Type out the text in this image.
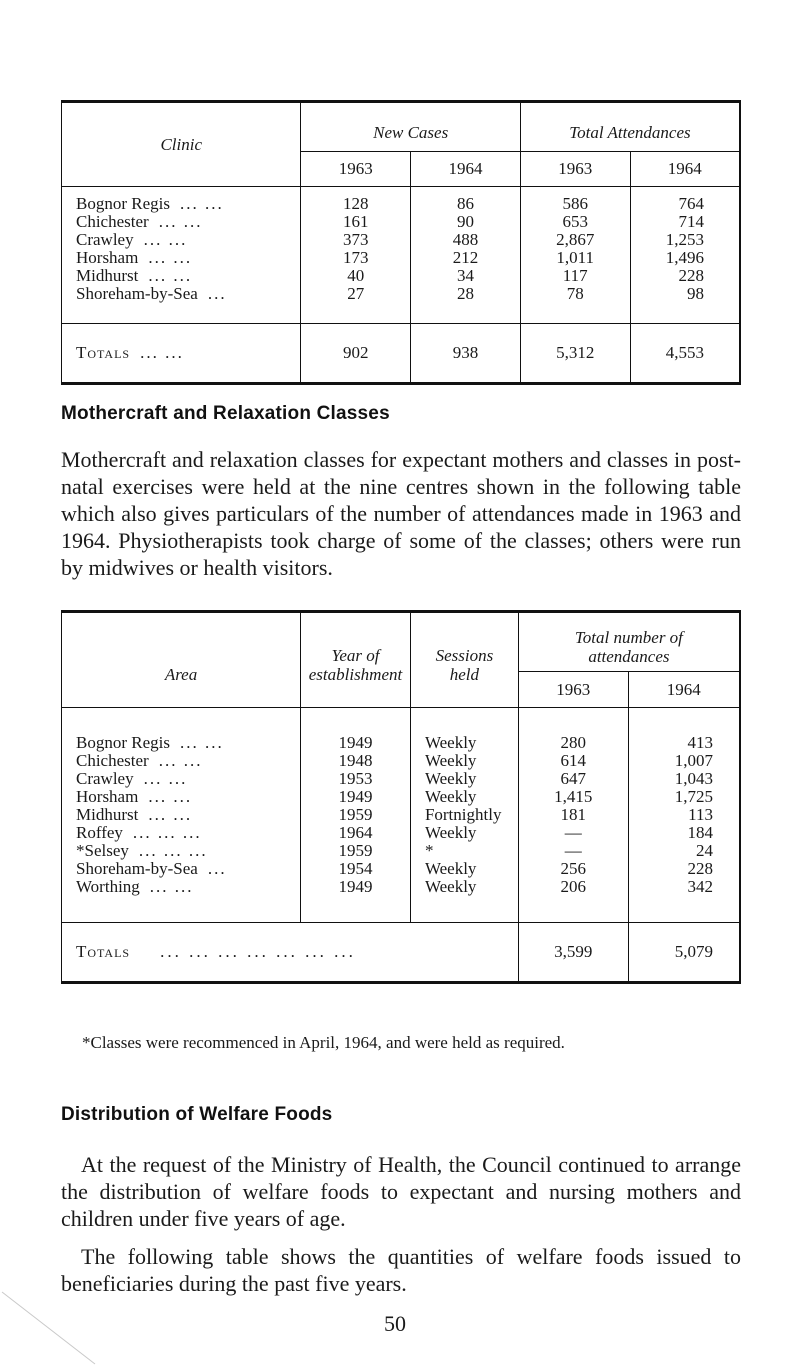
Clinic	New Cases		Total Attendances	
	1963	1964	1963	1964
Bognor Regis ... ...	128	86	586	764
Chichester ... ...	161	90	653	714
Crawley ... ...	373	488	2,867	1,253
Horsham ... ...	173	212	1,011	1,496
Midhurst ... ...	40	34	117	228
Shoreham-by-Sea ...	27	28	78	98
Totals ... ...	902	938	5,312	4,553
Mothercraft and Relaxation Classes

Mothercraft and relaxation classes for expectant mothers and classes in post-natal exercises were held at the nine centres shown in the following table which also gives particulars of the number of attendances made in 1963 and 1964. Physiotherapists took charge of some of the classes; others were run by midwives or health visitors.

Area	Year of establishment	Sessions held	Total number of attendances	
			1963	1964
Bognor Regis ... ...	1949	Weekly	280	413
Chichester ... ...	1948	Weekly	614	1,007
Crawley ... ...	1953	Weekly	647	1,043
Horsham ... ...	1949	Weekly	1,415	1,725
Midhurst ... ...	1959	Fortnightly	181	113
Roffey ... ... ...	1964	Weekly	—	184
*Selsey ... ... ...	1959	*	—	24
Shoreham-by-Sea ...	1954	Weekly	256	228
Worthing ... ...	1949	Weekly	206	342
Totals ... ... ... ... ... ... ...			3,599	5,079

*Classes were recommenced in April, 1964, and were held as required.

Distribution of Welfare Foods

At the request of the Ministry of Health, the Council continued to arrange the distribution of welfare foods to expectant and nursing mothers and children under five years of age.

The following table shows the quantities of welfare foods issued to beneficiaries during the past five years.

50
